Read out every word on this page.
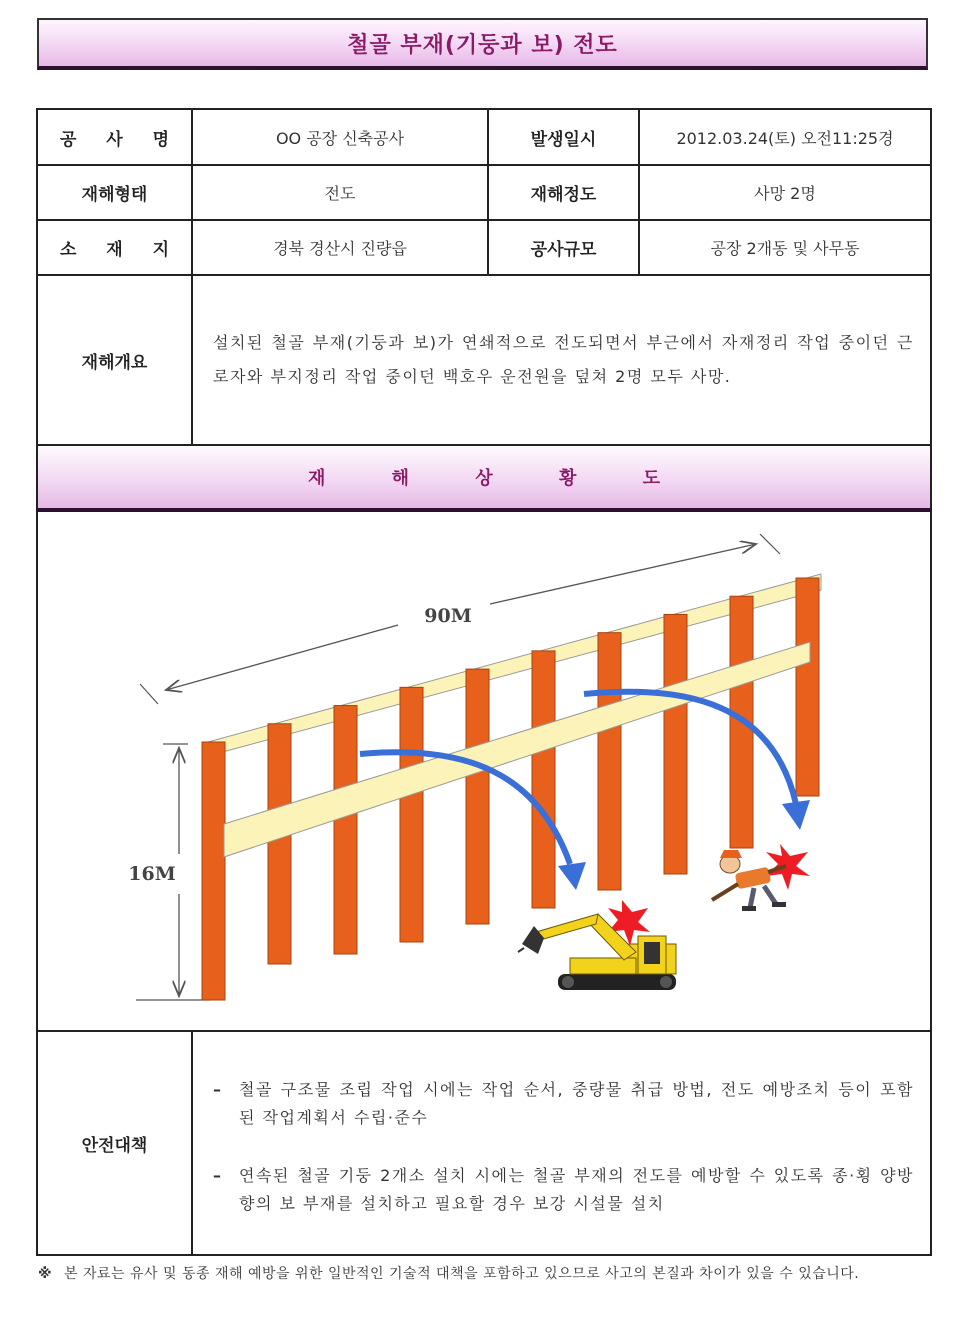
철골 부재(기둥과 보) 전도
공 사 명	OO 공장 신축공사	발생일시	2012.03.24(토) 오전11:25경
재해형태	전도	재해정도	사망 2명
소 재 지	경북 경산시 진량읍	공사규모	공장 2개동 및 사무동
재해개요	설치된 철골 부재(기둥과 보)가 연쇄적으로 전도되면서 부근에서 자재정리 작업 중이던 근로자와 부지정리 작업 중이던 백호우 운전원을 덮쳐 2명 모두 사망.		
재 해 상 황 도			

90M
16M			

안전대책	– 철골 구조물 조립 작업 시에는 작업 순서, 중량물 취급 방법, 전도 예방조치 등이 포함된 작업계획서 수립·준수
– 연속된 철골 기둥 2개소 설치 시에는 철골 부재의 전도를 예방할 수 있도록 종·횡 양방향의 보 부재를 설치하고 필요할 경우 보강 시설물 설치		
※ 본 자료는 유사 및 동종 재해 예방을 위한 일반적인 기술적 대책을 포함하고 있으므로 사고의 본질과 차이가 있을 수 있습니다.
